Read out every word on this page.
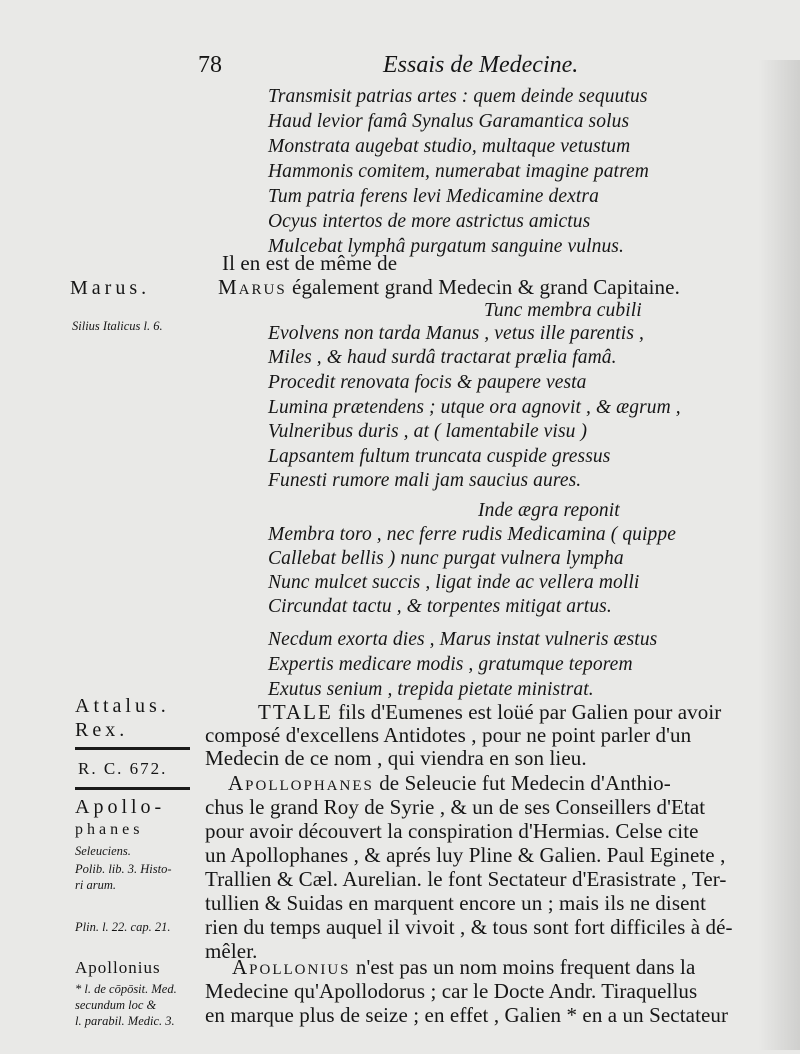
78	Essais de Medecine.
Transmisit patrias artes : quem deinde sequutus
Haud levior famâ Synalus Garamantica solus
Monstrata augebat studio, multaque vetustum
Hammonis comitem, numerabat imagine patrem
Tum patria ferens levi Medicamine dextra
Ocyus intertos de more astrictus amictus
Mulcebat lymphâ purgatum sanguine vulnus.
Il en est de même de
Marus également grand Medecin & grand Capitaine.
Tunc membra cubili
Evolvens non tarda Manus , vetus ille parentis ,
Miles , & haud surdâ tractarat prælia famâ.
Procedit renovata focis & paupere vesta
Lumina prætendens ; utque ora agnovit , & ægrum ,
Vulneribus duris , at ( lamentabile visu )
Lapsantem fultum truncata cuspide gressus
Funesti rumore mali jam saucius aures.
Inde ægra reponit
Membra toro , nec ferre rudis Medicamina ( quippe
Callebat bellis ) nunc purgat vulnera lympha
Nunc mulcet succis , ligat inde ac vellera molli
Circundat tactu , & torpentes mitigat artus.
Necdum exorta dies , Marus instat vulneris æstus
Expertis medicare modis , gratumque teporem
Exutus senium , trepida pietate ministrat.
TTALE fils d'Eumenes est loüé par Galien pour avoir
composé d'excellens Antidotes , pour ne point parler d'un
Medecin de ce nom , qui viendra en son lieu.
Apollophanes de Seleucie fut Medecin d'Anthio-
chus le grand Roy de Syrie , & un de ses Conseillers d'Etat
pour avoir découvert la conspiration d'Hermias. Celse cite
un Apollophanes , & aprés luy Pline & Galien. Paul Eginete ,
Trallien & Cæl. Aurelian. le font Sectateur d'Erasistrate , Ter-
tullien & Suidas en marquent encore un ; mais ils ne disent
rien du temps auquel il vivoit , & tous sont fort difficiles à dé-
mêler.
Apollonius n'est pas un nom moins frequent dans la
Medecine qu'Apollodorus ; car le Docte Andr. Tiraquellus
en marque plus de seize ; en effet , Galien * en a un Sectateur
Marus.
Silius Italicus l. 6.
Attalus.
Rex.
R. C. 672.
Apollo-
phanes
Seleuciens.
Polib. lib. 3. Histo-
ri arum.
Plin. l. 22. cap. 21.
Apollonius
* l. de cōpōsit. Med.
secundum loc &
l. parabil. Medic. 3.
